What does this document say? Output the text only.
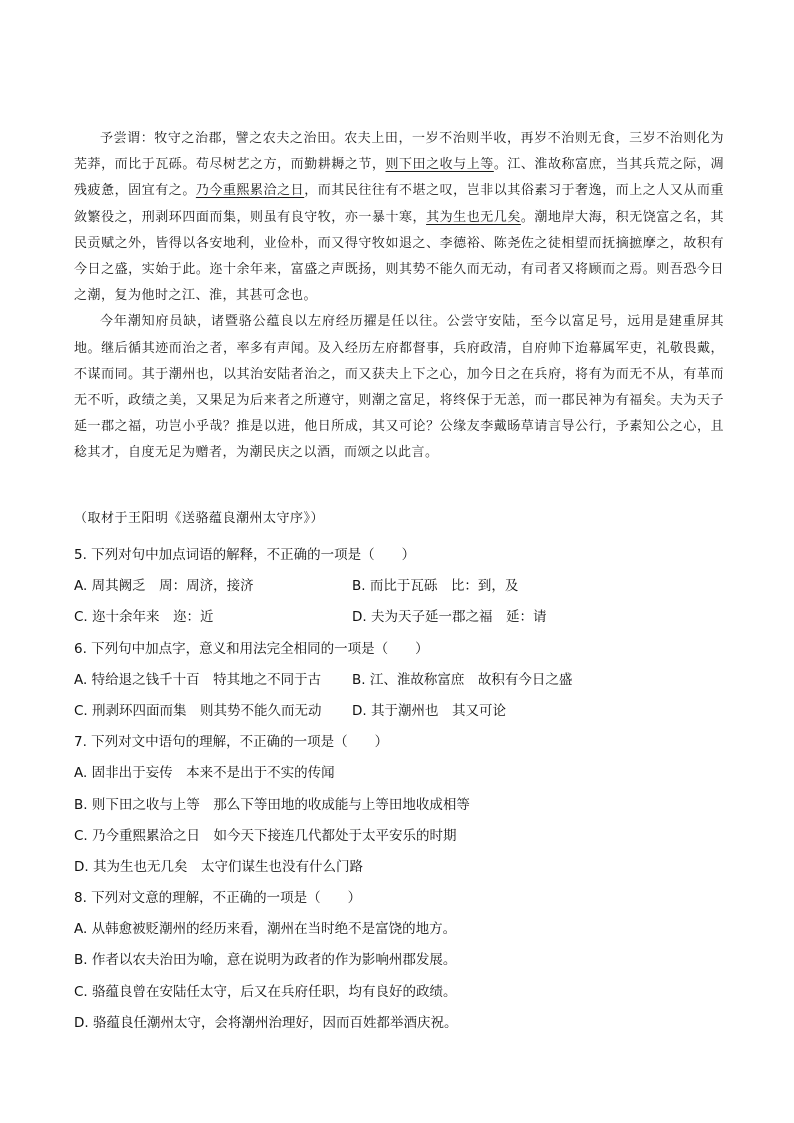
予尝谓：牧守之治郡，譬之农夫之治田。农夫上田，一岁不治则半收，再岁不治则无食，三岁不治则化为芜莽，而比于瓦砾。苟尽树艺之方，而勤耕耨之节，则下田之收与上等。江、淮故称富庶，当其兵荒之际，凋残疲惫，固宜有之。乃今重熙累洽之日，而其民往往有不堪之叹，岂非以其俗素习于奢逸，而上之人又从而重敛繁役之，刑剥环四面而集，则虽有良守牧，亦一暴十寒，其为生也无几矣。潮地岸大海，积无饶富之名，其民贡赋之外，皆得以各安地利，业俭朴，而又得守牧如退之、李德裕、陈尧佐之徒相望而抚摘摭摩之，故积有今日之盛，实始于此。迩十余年来，富盛之声既扬，则其势不能久而无动，有司者又将顾而之焉。则吾恐今日之潮，复为他时之江、淮，其甚可念也。

今年潮知府员缺，诸暨骆公蕴良以左府经历擢是任以往。公尝守安陆，至今以富足号，远用是建重屏其地。继后循其迹而治之者，率多有声闻。及入经历左府都督事，兵府政清，自府帅下迨幕属军吏，礼敬畏戴，不谋而同。其于潮州也，以其治安陆者治之，而又获夫上下之心，加今日之在兵府，将有为而无不从，有革而无不听，政绩之美，又果足为后来者之所遵守，则潮之富足，将终保于无恙，而一郡民神为有福矣。夫为天子延一郡之福，功岂小乎哉？推是以进，他日所成，其又可论？公缘友李戴旸草请言导公行，予素知公之心，且稔其才，自度无足为赠者，为潮民庆之以酒，而颂之以此言。

（取材于王阳明《送骆蕴良潮州太守序》）
5. 下列对句中加点词语的解释，不正确的一项是（　　）
A. 周其阙乏　周：周济，接济	B. 而比于瓦砾　比：到，及
C. 迩十余年来　迩：近	D. 夫为天子延一郡之福　延：请
6. 下列句中加点字，意义和用法完全相同的一项是（　　）
A. 特给退之钱千十百　特其地之不同于古 B. 江、淮故称富庶　故积有今日之盛
C. 刑剥环四面而集　则其势不能久而无动 D. 其于潮州也　其又可论
7. 下列对文中语句的理解，不正确的一项是（　　）
A. 固非出于妄传　本来不是出于不实的传闻
B. 则下田之收与上等　那么下等田地的收成能与上等田地收成相等
C. 乃今重熙累洽之日　如今天下接连几代都处于太平安乐的时期
D. 其为生也无几矣　太守们谋生也没有什么门路
8. 下列对文意的理解，不正确的一项是（　　）
A. 从韩愈被贬潮州的经历来看，潮州在当时绝不是富饶的地方。
B. 作者以农夫治田为喻，意在说明为政者的作为影响州郡发展。
C. 骆蕴良曾在安陆任太守，后又在兵府任职，均有良好的政绩。
D. 骆蕴良任潮州太守，会将潮州治理好，因而百姓都举酒庆祝。
